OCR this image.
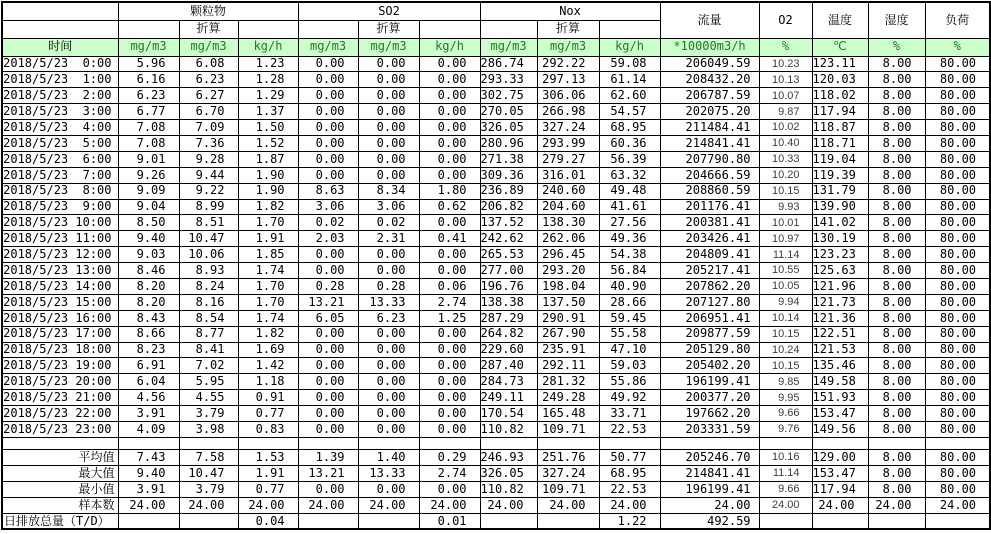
	颗粒物			SO2			Nox			流量	O2	温度	湿度	负荷
		折算			折算			折算						
时间	mg/m3	mg/m3	kg/h	mg/m3	mg/m3	kg/h	mg/m3	mg/m3	kg/h	*10000m3/h	%	℃	%	%
2018/5/23  0:00	5.96	6.08	1.23	0.00	0.00	0.00	286.74	292.22	59.08	206049.59	10.23	123.11	8.00	80.00
2018/5/23  1:00	6.16	6.23	1.28	0.00	0.00	0.00	293.33	297.13	61.14	208432.20	10.13	120.03	8.00	80.00
2018/5/23  2:00	6.23	6.27	1.29	0.00	0.00	0.00	302.75	306.06	62.60	206787.59	10.07	118.02	8.00	80.00
2018/5/23  3:00	6.77	6.70	1.37	0.00	0.00	0.00	270.05	266.98	54.57	202075.20	9.87	117.94	8.00	80.00
2018/5/23  4:00	7.08	7.09	1.50	0.00	0.00	0.00	326.05	327.24	68.95	211484.41	10.02	118.87	8.00	80.00
2018/5/23  5:00	7.08	7.36	1.52	0.00	0.00	0.00	280.96	293.99	60.36	214841.41	10.40	118.71	8.00	80.00
2018/5/23  6:00	9.01	9.28	1.87	0.00	0.00	0.00	271.38	279.27	56.39	207790.80	10.33	119.04	8.00	80.00
2018/5/23  7:00	9.26	9.44	1.90	0.00	0.00	0.00	309.36	316.01	63.32	204666.59	10.20	119.39	8.00	80.00
2018/5/23  8:00	9.09	9.22	1.90	8.63	8.34	1.80	236.89	240.60	49.48	208860.59	10.15	131.79	8.00	80.00
2018/5/23  9:00	9.04	8.99	1.82	3.06	3.06	0.62	206.82	204.60	41.61	201176.41	9.93	139.90	8.00	80.00
2018/5/23 10:00	8.50	8.51	1.70	0.02	0.02	0.00	137.52	138.30	27.56	200381.41	10.01	141.02	8.00	80.00
2018/5/23 11:00	9.40	10.47	1.91	2.03	2.31	0.41	242.62	262.06	49.36	203426.41	10.97	130.19	8.00	80.00
2018/5/23 12:00	9.03	10.06	1.85	0.00	0.00	0.00	265.53	296.45	54.38	204809.41	11.14	123.23	8.00	80.00
2018/5/23 13:00	8.46	8.93	1.74	0.00	0.00	0.00	277.00	293.20	56.84	205217.41	10.55	125.63	8.00	80.00
2018/5/23 14:00	8.20	8.24	1.70	0.28	0.28	0.06	196.76	198.04	40.90	207862.20	10.05	121.96	8.00	80.00
2018/5/23 15:00	8.20	8.16	1.70	13.21	13.33	2.74	138.38	137.50	28.66	207127.80	9.94	121.73	8.00	80.00
2018/5/23 16:00	8.43	8.54	1.74	6.05	6.23	1.25	287.29	290.91	59.45	206951.41	10.14	121.36	8.00	80.00
2018/5/23 17:00	8.66	8.77	1.82	0.00	0.00	0.00	264.82	267.90	55.58	209877.59	10.15	122.51	8.00	80.00
2018/5/23 18:00	8.23	8.41	1.69	0.00	0.00	0.00	229.60	235.91	47.10	205129.80	10.24	121.53	8.00	80.00
2018/5/23 19:00	6.91	7.02	1.42	0.00	0.00	0.00	287.40	292.11	59.03	205402.20	10.15	135.46	8.00	80.00
2018/5/23 20:00	6.04	5.95	1.18	0.00	0.00	0.00	284.73	281.32	55.86	196199.41	9.85	149.58	8.00	80.00
2018/5/23 21:00	4.56	4.55	0.91	0.00	0.00	0.00	249.11	249.28	49.92	200377.20	9.95	151.93	8.00	80.00
2018/5/23 22:00	3.91	3.79	0.77	0.00	0.00	0.00	170.54	165.48	33.71	197662.20	9.66	153.47	8.00	80.00
2018/5/23 23:00	4.09	3.98	0.83	0.00	0.00	0.00	110.82	109.71	22.53	203331.59	9.76	149.56	8.00	80.00

平均值	7.43	7.58	1.53	1.39	1.40	0.29	246.93	251.76	50.77	205246.70	10.16	129.00	8.00	80.00
最大值	9.40	10.47	1.91	13.21	13.33	2.74	326.05	327.24	68.95	214841.41	11.14	153.47	8.00	80.00
最小值	3.91	3.79	0.77	0.00	0.00	0.00	110.82	109.71	22.53	196199.41	9.66	117.94	8.00	80.00
样本数	24.00	24.00	24.00	24.00	24.00	24.00	24.00	24.00	24.00	24.00	24.00	24.00	24.00	24.00
日排放总量（T/D）			0.04			0.01			1.22	492.59				
